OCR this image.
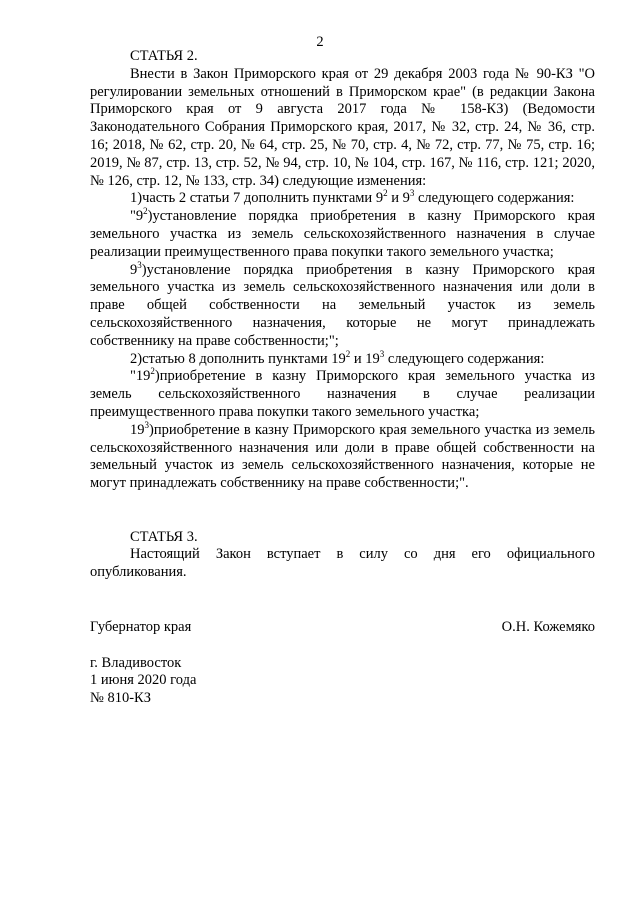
2

СТАТЬЯ 2.

Внести в Закон Приморского края от 29 декабря 2003 года № 90-КЗ "О регулировании земельных отношений в Приморском крае" (в редакции Закона Приморского края от 9 августа 2017 года № 158-КЗ) (Ведомости Законодательного Собрания Приморского края, 2017, № 32, стр. 24, № 36, стр. 16; 2018, № 62, стр. 20, № 64, стр. 25, № 70, стр. 4, № 72, стр. 77, № 75, стр. 16; 2019, № 87, стр. 13, стр. 52, № 94, стр. 10, № 104, стр. 167, № 116, стр. 121; 2020, № 126, стр. 12, № 133, стр. 34) следующие изменения:

1)часть 2 статьи 7 дополнить пунктами $9^2$ и $9^3$ следующего содержания:

"$9^2)установление$ порядка приобретения в казну Приморского края земельного участка из земель сельскохозяйственного назначения в случае реализации преимущественного права покупки такого земельного участка;

$9^3)установление$ порядка приобретения в казну Приморского края земельного участка из земель сельскохозяйственного назначения или доли в праве общей собственности на земельный участок из земель сельскохозяйственного назначения, которые не могут принадлежать собственнику на праве собственности;";

2)статью 8 дополнить пунктами $19^2$ и $19^3$ следующего содержания:

"$19^2)приобретение$ в казну Приморского края земельного участка из земель сельскохозяйственного назначения в случае реализации преимущественного права покупки такого земельного участка;

$19^3)приобретение$ в казну Приморского края земельного участка из земель сельскохозяйственного назначения или доли в праве общей собственности на земельный участок из земель сельскохозяйственного назначения, которые не могут принадлежать собственнику на праве собственности;".

СТАТЬЯ 3.

Настоящий Закон вступает в силу со дня его официального опубликования.

Губернатор края	О.Н. Кожемяко
г. Владивосток
1 июня 2020 года
№ 810-КЗ
